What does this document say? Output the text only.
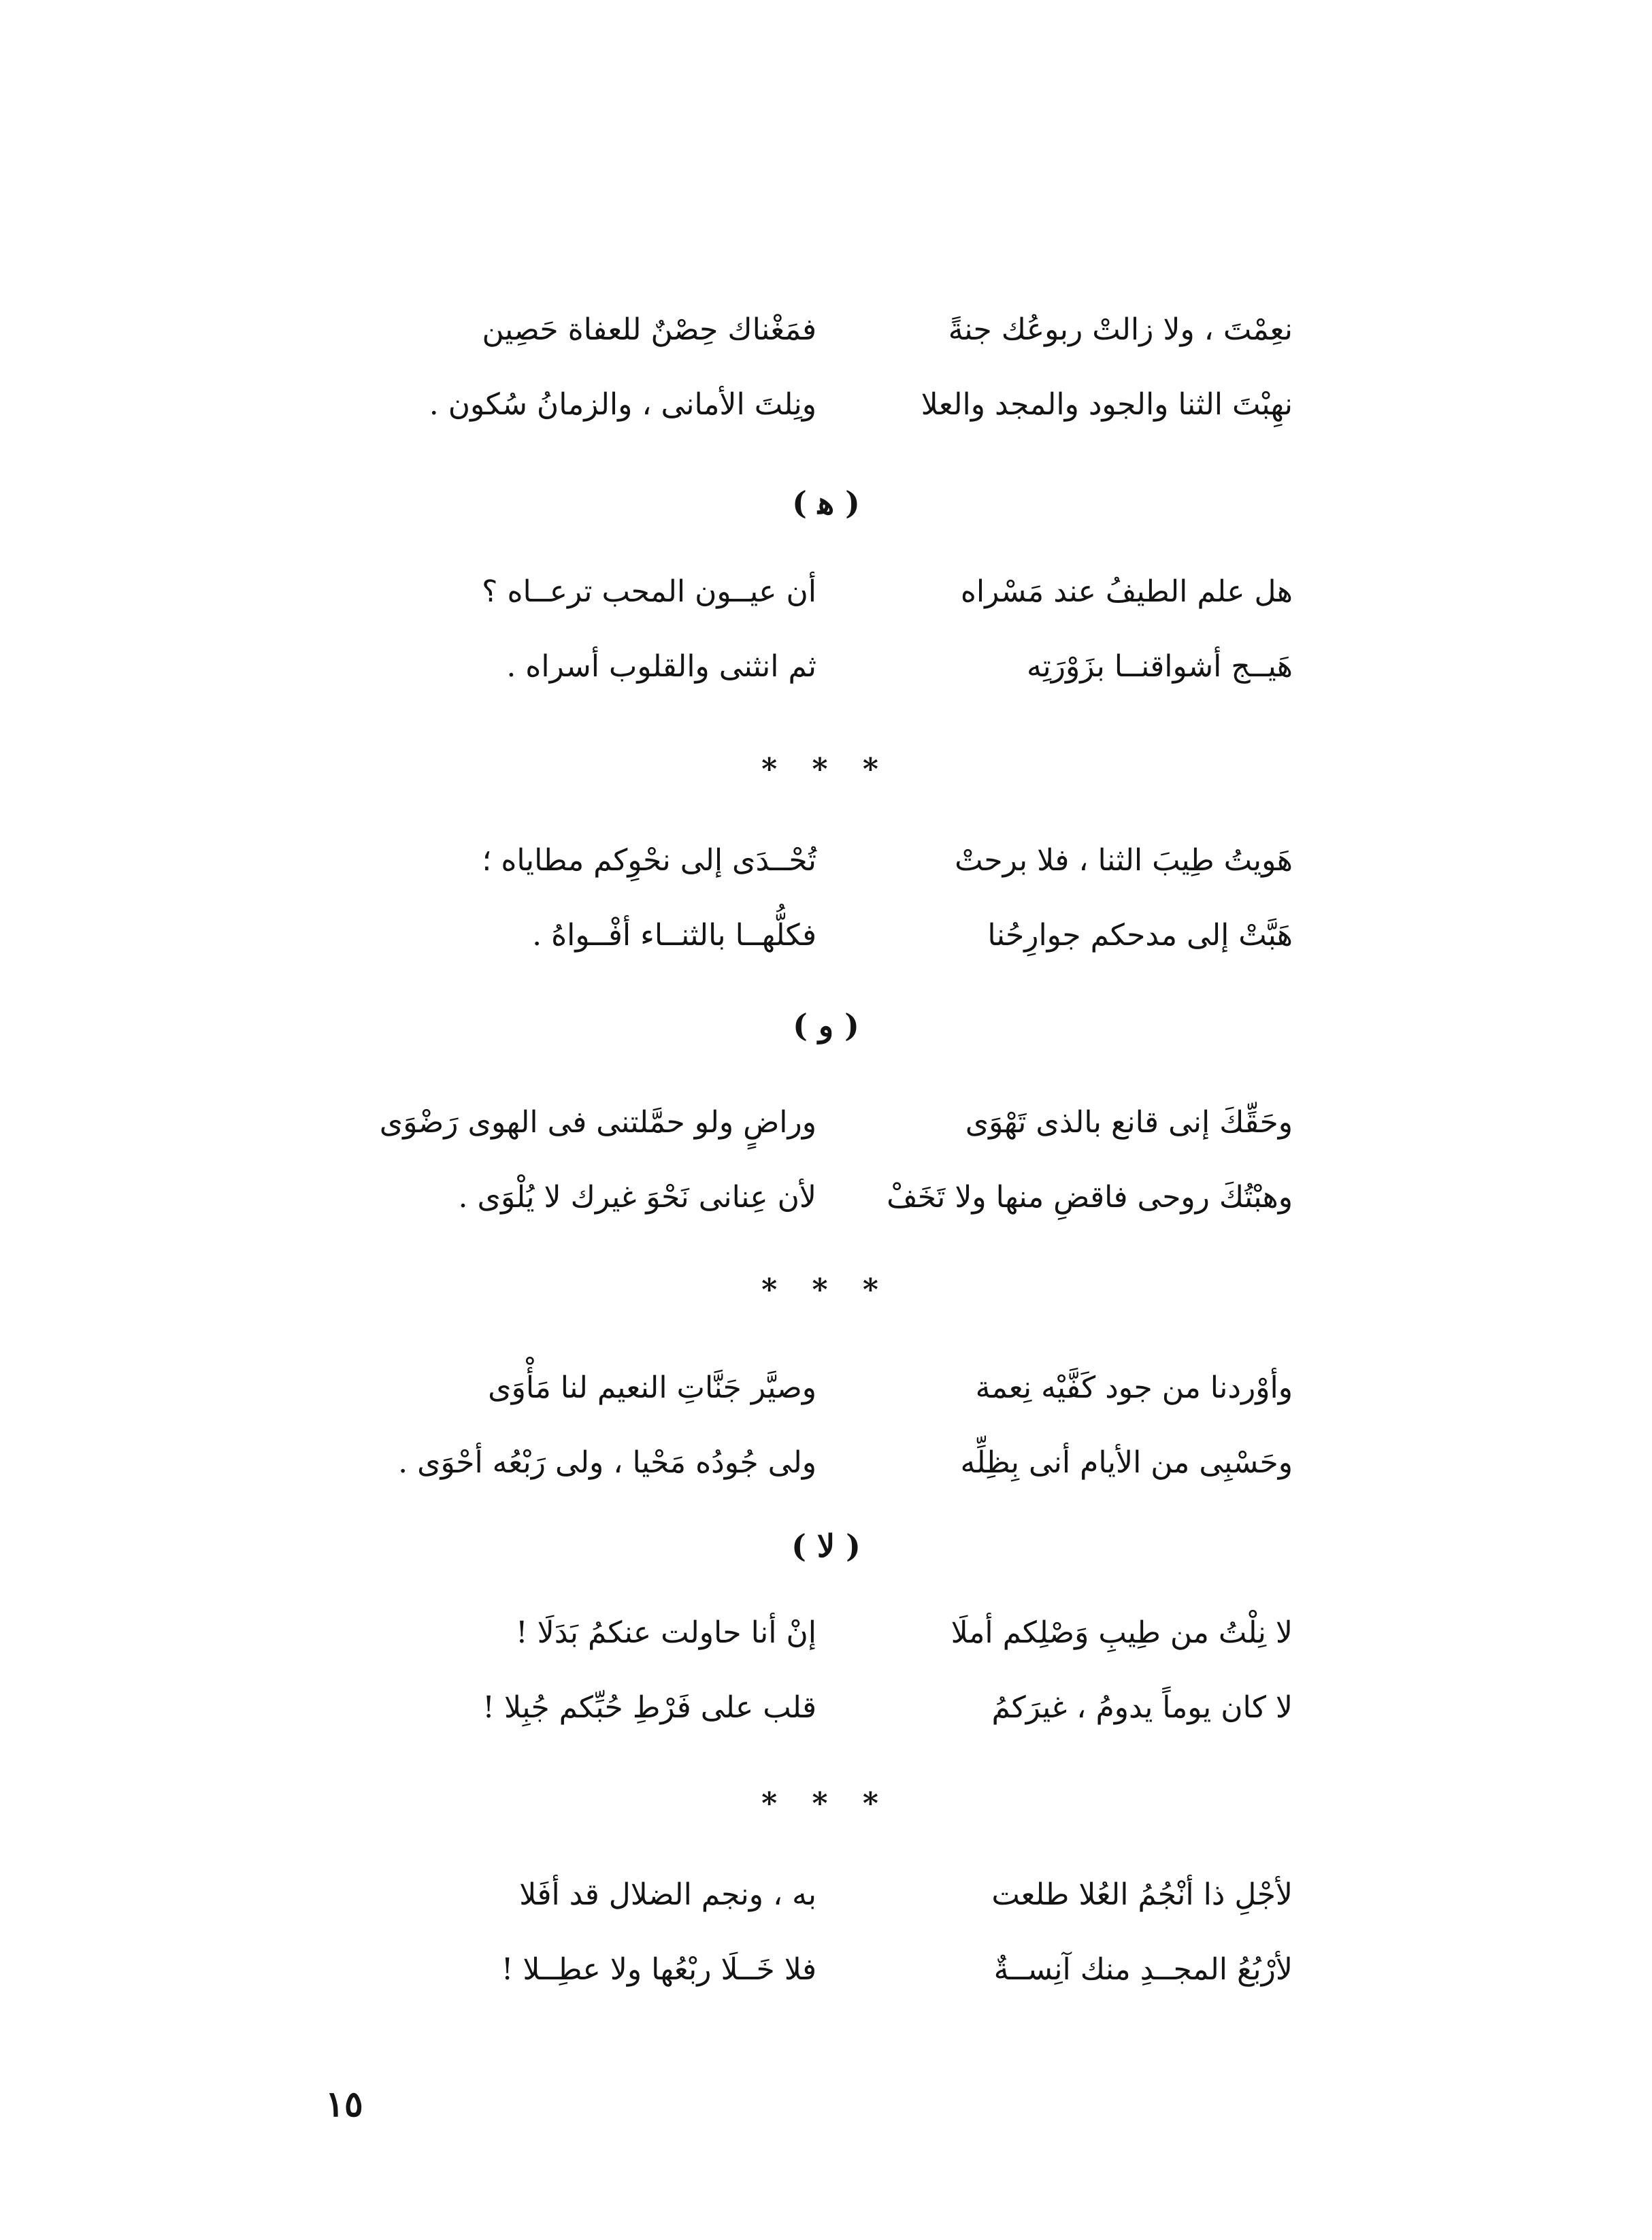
نعِمْتَ ، ولا زالتْ ربوعُك جنةً
فمَغْناك حِصْنٌ للعفاة حَصِين
نهِبْتَ الثنا والجود والمجد والعلا
ونِلتَ الأمانى ، والزمانُ سُكون .
( ﻫ )
هل علم الطيفُ عند مَسْراه
أن عيــون المحب ترعــاه ؟
هَيــج أشواقنــا بزَوْرَتِه
ثم انثنى والقلوب أسراه .
* * *
هَويتُ طِيبَ الثنا ، فلا برحتْ
تُحْــدَى إلى نحْوِكم مطاياه ؛
هَبَّتْ إلى مدحكم جوارِحُنا
فكلُّهــا بالثنــاء أفْــواهُ .
( و )
وحَقِّكَ إنى قانع بالذى تَهْوَى
وراضٍ ولو حمَّلتنى فى الهوى رَضْوَى
وهبْتُكَ روحى فاقضِ منها ولا تَخَفْ
لأن عِنانى نَحْوَ غيرك لا يُلْوَى .
* * *
وأوْردنا من جود كَفَّيْه نِعمة
وصيَّر جَنَّاتِ النعيم لنا مَأْوَى
وحَسْبِى من الأيام أنى بِظِلِّه
ولى جُودُه مَحْيا ، ولى رَبْعُه أحْوَى .
( لا )
لا نِلْتُ من طِيبِ وَصْلِكم أملَا
إنْ أنا حاولت عنكمُ بَدَلَا !
لا كان يوماً يدومُ ، غيرَكمُ
قلب على فَرْطِ حُبِّكم جُبِلا !
* * *
لأجْلِ ذا أنْجُمُ العُلا طلعت
به ، ونجم الضلال قد أفَلا
لأرْبُعُ المجــدِ منك آنِســةٌ
فلا خَــلَا ربْعُها ولا عطِــلا !
١٥
